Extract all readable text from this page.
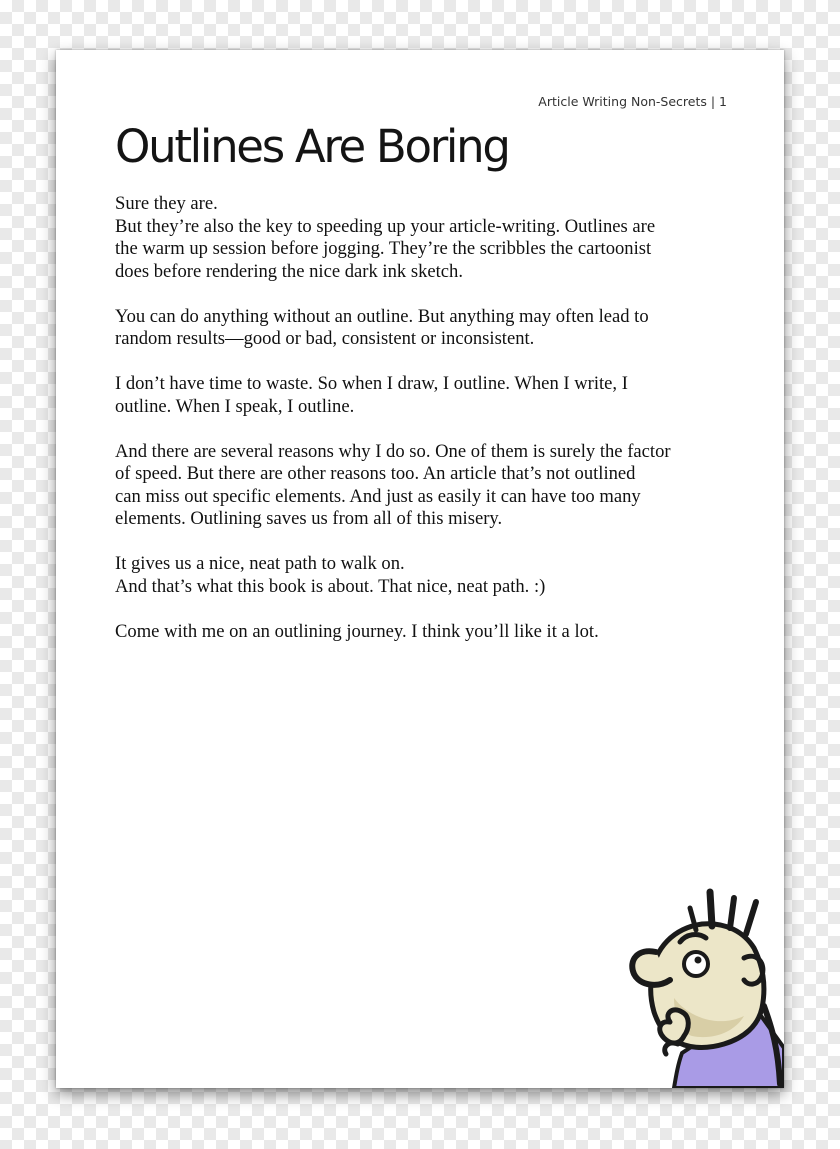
Article Writing Non-Secrets | 1
Outlines Are Boring

Sure they are.
But they’re also the key to speeding up your article-writing. Outlines are
the warm up session before jogging. They’re the scribbles the cartoonist
does before rendering the nice dark ink sketch.

You can do anything without an outline. But anything may often lead to
random results—good or bad, consistent or inconsistent.

I don’t have time to waste. So when I draw, I outline. When I write, I
outline. When I speak, I outline.

And there are several reasons why I do so. One of them is surely the factor
of speed. But there are other reasons too. An article that’s not outlined
can miss out specific elements. And just as easily it can have too many
elements. Outlining saves us from all of this misery.

It gives us a nice, neat path to walk on.
And that’s what this book is about. That nice, neat path. :)

Come with me on an outlining journey. I think you’ll like it a lot.
